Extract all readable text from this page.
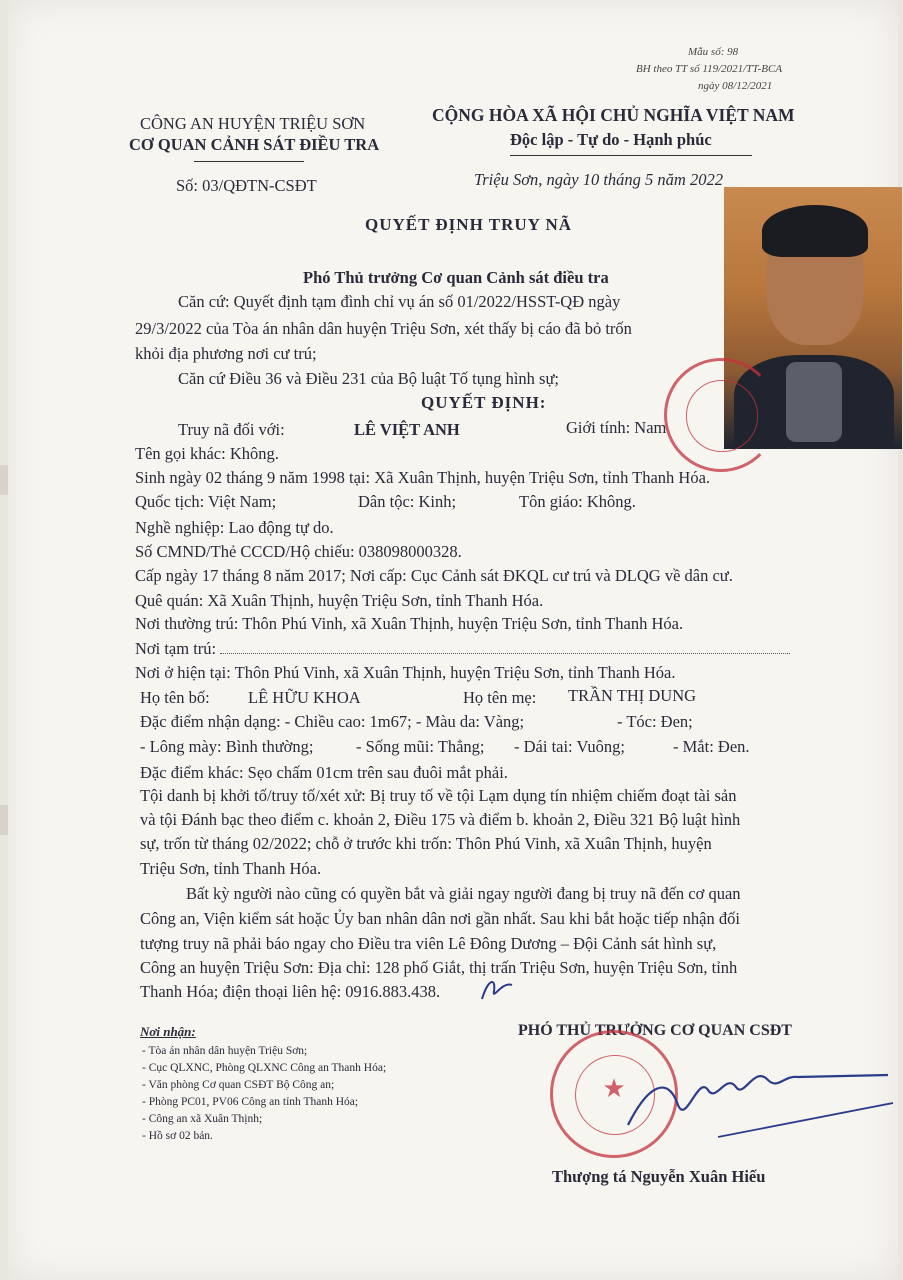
Mẫu số: 98
BH theo TT số 119/2021/TT-BCA
ngày 08/12/2021
CÔNG AN HUYỆN TRIỆU SƠN
CƠ QUAN CẢNH SÁT ĐIỀU TRA
Số: 03/QĐTN-CSĐT
CỘNG HÒA XÃ HỘI CHỦ NGHĨA VIỆT NAM
Độc lập - Tự do - Hạnh phúc
Triệu Sơn, ngày 10 tháng 5 năm 2022
QUYẾT ĐỊNH TRUY NÃ
Phó Thủ trưởng Cơ quan Cảnh sát điều tra
Căn cứ: Quyết định tạm đình chỉ vụ án số 01/2022/HSST-QĐ ngày
29/3/2022 của Tòa án nhân dân huyện Triệu Sơn, xét thấy bị cáo đã bỏ trốn
khỏi địa phương nơi cư trú;
Căn cứ Điều 36 và Điều 231 của Bộ luật Tố tụng hình sự;
QUYẾT ĐỊNH:
Truy nã đối với:	LÊ VIỆT ANH	Giới tính: Nam
Tên gọi khác: Không.
Sinh ngày 02 tháng 9 năm 1998 tại: Xã Xuân Thịnh, huyện Triệu Sơn, tỉnh Thanh Hóa.
Quốc tịch: Việt Nam;	Dân tộc: Kinh;	Tôn giáo: Không.
Nghề nghiệp: Lao động tự do.
Số CMND/Thẻ CCCD/Hộ chiếu: 038098000328.
Cấp ngày 17 tháng 8 năm 2017; Nơi cấp: Cục Cảnh sát ĐKQL cư trú và DLQG về dân cư.
Quê quán: Xã Xuân Thịnh, huyện Triệu Sơn, tỉnh Thanh Hóa.
Nơi thường trú: Thôn Phú Vinh, xã Xuân Thịnh, huyện Triệu Sơn, tỉnh Thanh Hóa.
Nơi tạm trú:
Nơi ở hiện tại: Thôn Phú Vinh, xã Xuân Thịnh, huyện Triệu Sơn, tỉnh Thanh Hóa.
Họ tên bố: LÊ HỮU KHOA	Họ tên mẹ: TRẦN THỊ DUNG
Đặc điểm nhận dạng: - Chiều cao: 1m67; - Màu da: Vàng;	- Tóc: Đen;
- Lông mày: Bình thường;	- Sống mũi: Thẳng; - Dái tai: Vuông;	- Mắt: Đen.
Đặc điểm khác: Sẹo chấm 01cm trên sau đuôi mắt phải.
Tội danh bị khởi tố/truy tố/xét xử: Bị truy tố về tội Lạm dụng tín nhiệm chiếm đoạt tài sản
và tội Đánh bạc theo điểm c. khoản 2, Điều 175 và điểm b. khoản 2, Điều 321 Bộ luật hình
sự, trốn từ tháng 02/2022; chỗ ở trước khi trốn: Thôn Phú Vinh, xã Xuân Thịnh, huyện
Triệu Sơn, tỉnh Thanh Hóa.
Bất kỳ người nào cũng có quyền bắt và giải ngay người đang bị truy nã đến cơ quan
Công an, Viện kiểm sát hoặc Ủy ban nhân dân nơi gần nhất. Sau khi bắt hoặc tiếp nhận đối
tượng truy nã phải báo ngay cho Điều tra viên Lê Đông Dương – Đội Cảnh sát hình sự,
Công an huyện Triệu Sơn: Địa chỉ: 128 phố Giắt, thị trấn Triệu Sơn, huyện Triệu Sơn, tỉnh
Thanh Hóa; điện thoại liên hệ: 0916.883.438.
Nơi nhận:
- Tòa án nhân dân huyện Triệu Sơn;
- Cục QLXNC, Phòng QLXNC Công an Thanh Hóa;
- Văn phòng Cơ quan CSĐT Bộ Công an;
- Phòng PC01, PV06 Công an tỉnh Thanh Hóa;
- Công an xã Xuân Thịnh;
- Hồ sơ 02 bản.
PHÓ THỦ TRƯỞNG CƠ QUAN CSĐT
★
Thượng tá Nguyễn Xuân Hiếu
